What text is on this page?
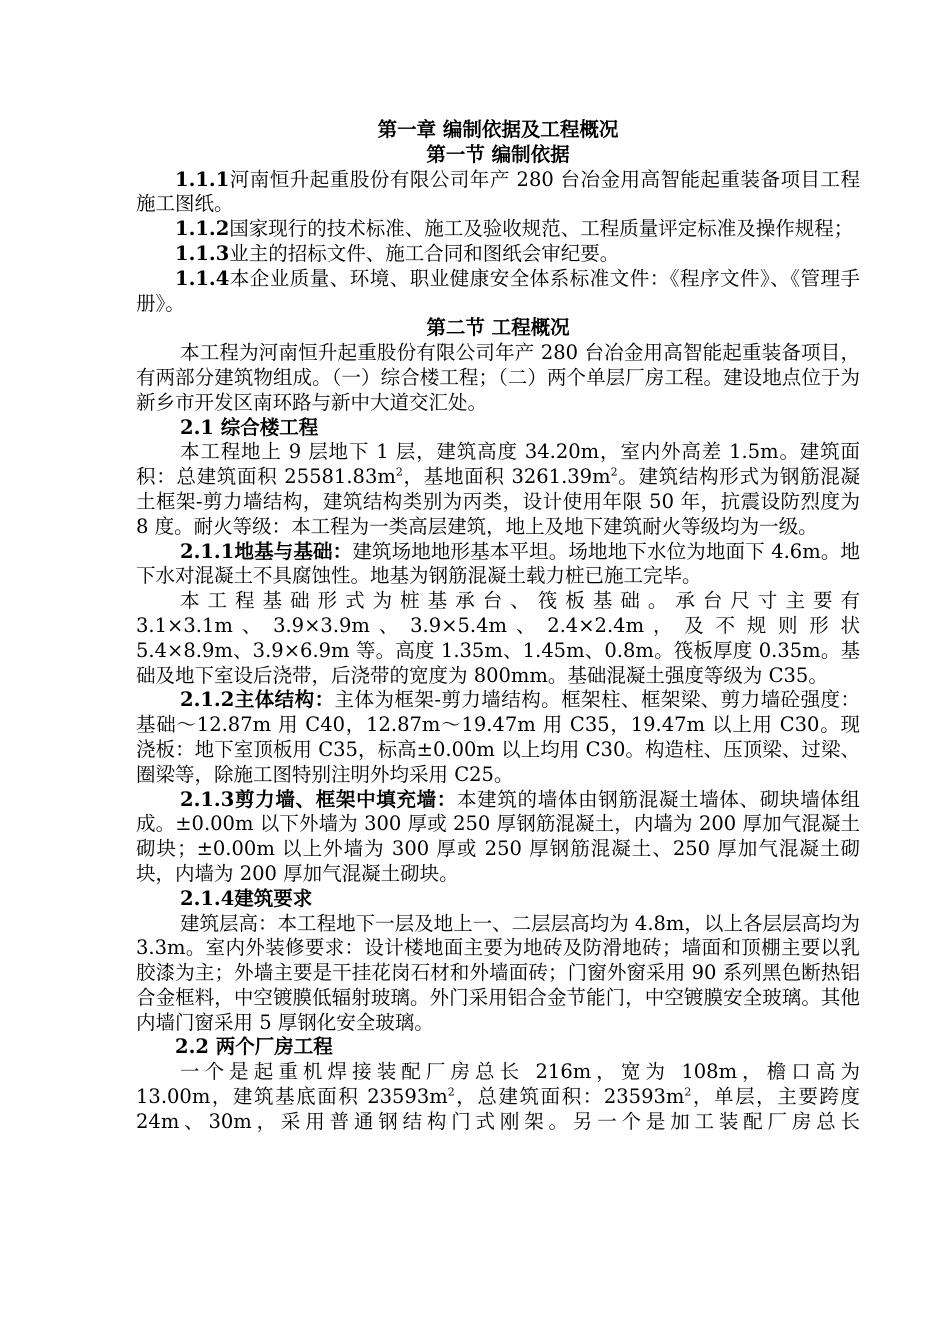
第一章 编制依据及工程概况

第一节 编制依据

1.1.1河南恒升起重股份有限公司年产 280 台冶金用高智能起重装备项目工程施工图纸。

1.1.2国家现行的技术标准、施工及验收规范、工程质量评定标准及操作规程；

1.1.3业主的招标文件、施工合同和图纸会审纪要。

1.1.4本企业质量、环境、职业健康安全体系标准文件：《程序文件》、《管理手册》。

第二节 工程概况

本工程为河南恒升起重股份有限公司年产 280 台冶金用高智能起重装备项目，有两部分建筑物组成。（一）综合楼工程；（二）两个单层厂房工程。建设地点位于为新乡市开发区南环路与新中大道交汇处。

2.1 综合楼工程

本工程地上 9 层地下 1 层，建筑高度 34.20m，室内外高差 1.5m。建筑面积：总建筑面积 $25581.83m^2$，基地面积 $3261.39m^2$。建筑结构形式为钢筋混凝土框架-剪力墙结构，建筑结构类别为丙类，设计使用年限 50 年，抗震设防烈度为 8 度。耐火等级：本工程为一类高层建筑，地上及地下建筑耐火等级均为一级。

2.1.1地基与基础：建筑场地地形基本平坦。场地地下水位为地面下 4.6m。地下水对混凝土不具腐蚀性。地基为钢筋混凝土载力桩已施工完毕。

本工程基础形式为桩基承台、筏板基础。承台尺寸主要有

3.1×3.1m 、 3.9×3.9m 、 3.9×5.4m 、 2.4×2.4m ， 及 不 规 则 形 状

5.4×8.9m、3.9×6.9m 等。高度 1.35m、1.45m、0.8m。筏板厚度 0.35m。基础及地下室设后浇带，后浇带的宽度为 800mm。基础混凝土强度等级为 C35。

2.1.2主体结构：主体为框架-剪力墙结构。框架柱、框架梁、剪力墙砼强度：基础～12.87m 用 C40，12.87m～19.47m 用 C35，19.47m 以上用 C30。现浇板：地下室顶板用 C35，标高±0.00m 以上均用 C30。构造柱、压顶梁、过梁、圈梁等，除施工图特别注明外均采用 C25。

2.1.3剪力墙、框架中填充墙：本建筑的墙体由钢筋混凝土墙体、砌块墙体组成。±0.00m 以下外墙为 300 厚或 250 厚钢筋混凝土，内墙为 200 厚加气混凝土砌块；±0.00m 以上外墙为 300 厚或 250 厚钢筋混凝土、250 厚加气混凝土砌块，内墙为 200 厚加气混凝土砌块。

2.1.4建筑要求

建筑层高：本工程地下一层及地上一、二层层高均为 4.8m，以上各层层高均为 3.3m。室内外装修要求：设计楼地面主要为地砖及防滑地砖；墙面和顶棚主要以乳胶漆为主；外墙主要是干挂花岗石材和外墙面砖；门窗外窗采用 90 系列黑色断热铝合金框料，中空镀膜低辐射玻璃。外门采用铝合金节能门，中空镀膜安全玻璃。其他内墙门窗采用 5 厚钢化安全玻璃。

2.2 两个厂房工程

一个是起重机焊接装配厂房总长 216m，宽为 108m，檐口高为

13.00m，建筑基底面积 $23593m^2$，总建筑面积：$23593m^2$，单层，主要跨度

24m、30m，采用普通钢结构门式刚架。另一个是加工装配厂房总长
